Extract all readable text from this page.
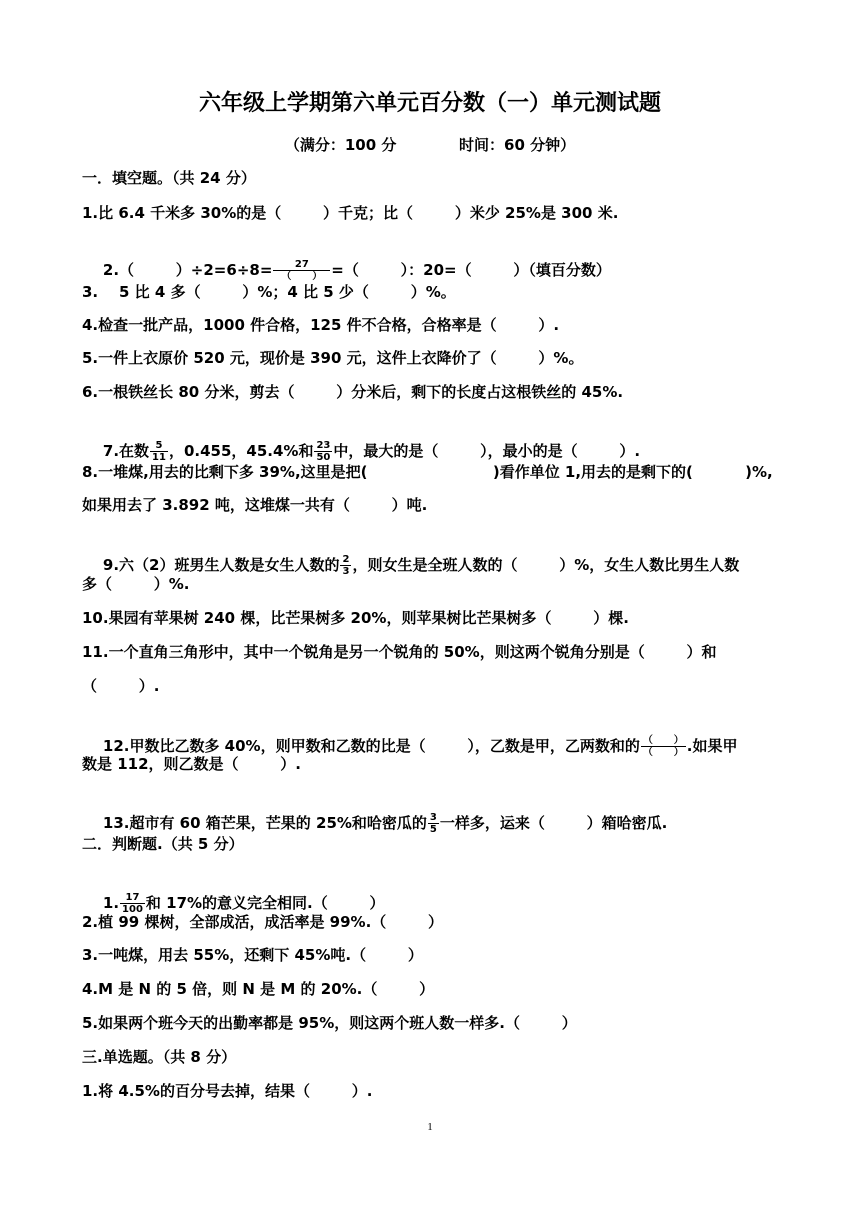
六年级上学期第六单元百分数（一）单元测试题
（满分：100 分            时间：60 分钟）
一．填空题。（共 24 分）
1.比 6.4 千米多 30%的是（        ）千克；比（        ）米少 25%是 300 米.

2.（        ）$\div 2=6\div 8= \frac{27}{( )}$ =（        ）：20=（        ）（填百分数）

3.    5 比 4 多（        ）%；4 比 5 少（        ）%。
4.检查一批产品，1000 件合格，125 件不合格，合格率是（        ）.
5.一件上衣原价 520 元，现价是 390 元，这件上衣降价了（        ）%。
6.一根铁丝长 80 分米，剪去（        ）分米后，剩下的长度占这根铁丝的 45%.

7.在数 $\frac{5}{11}$ ，0.455，45.4%和 $\frac{23}{50}$ 中，最大的是（        ），最小的是（        ）.

8.一堆煤,用去的比剩下多 39%,这里是把(                        )看作单位 1,用去的是剩下的(          )%,
如果用去了 3.892 吨，这堆煤一共有（        ）吨.

9.六（2）班男生人数是女生人数的 $\frac{2}{3}$ ，则女生是全班人数的（        ）%，女生人数比男生人数

多（        ）%.
10.果园有苹果树 240 棵，比芒果树多 20%，则苹果树比芒果树多（        ）棵.
11.一个直角三角形中，其中一个锐角是另一个锐角的 50%，则这两个锐角分别是（        ）和
（        ）.

12.甲数比乙数多 40%，则甲数和乙数的比是（        ），乙数是甲，乙两数和的 $\frac{( )}{( )}$ .如果甲

数是 112，则乙数是（        ）.

13.超市有 60 箱芒果，芒果的 25%和哈密瓜的 $\frac{3}{5}$ 一样多，运来（        ）箱哈密瓜.

二．判断题.（共 5 分）

1. $\frac{17}{100}$ 和 17%的意义完全相同.（        ）

2.植 99 棵树，全部成活，成活率是 99%.（        ）
3.一吨煤，用去 55%，还剩下 45%吨.（        ）
4.M 是 N 的 5 倍，则 N 是 M 的 20%.（        ）
5.如果两个班今天的出勤率都是 95%，则这两个班人数一样多.（        ）
三.单选题。（共 8 分）
1.将 4.5%的百分号去掉，结果（        ）.
1
